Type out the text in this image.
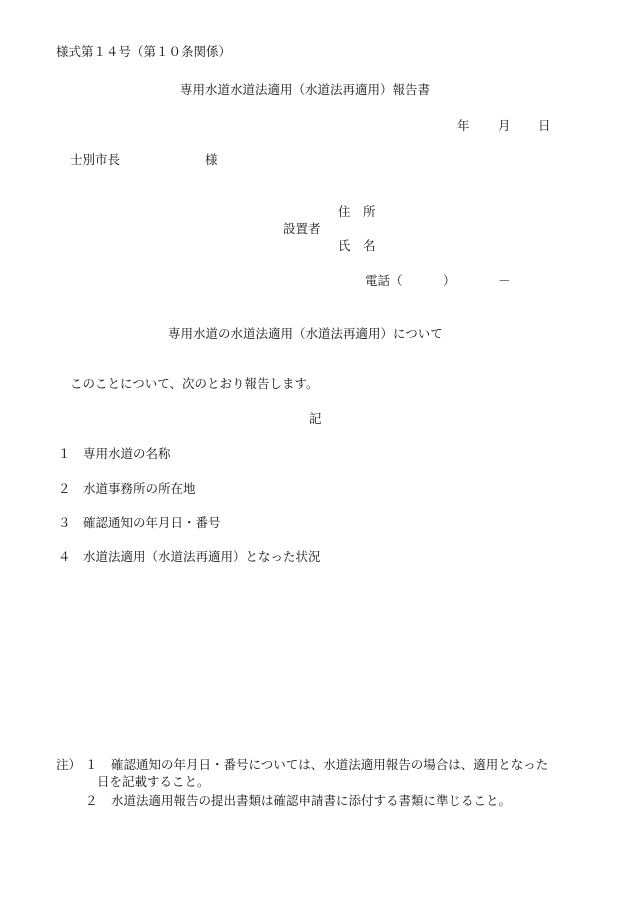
様式第１４号（第１０条関係）
専用水道水道法適用（水道法再適用）報告書
年 月 日
士別市長	様
住　所
設置者
氏　名
電話（	）	－
専用水道の水道法適用（水道法再適用）について
このことについて、次のとおり報告します。
記
１ 専用水道の名称
２ 水道事務所の所在地
３ 確認通知の年月日・番号
４ 水道法適用（水道法再適用）となった状況
注） １ 確認通知の年月日・番号については、水道法適用報告の場合は、適用となった
日を記載すること。
２ 水道法適用報告の提出書類は確認申請書に添付する書類に準じること。
